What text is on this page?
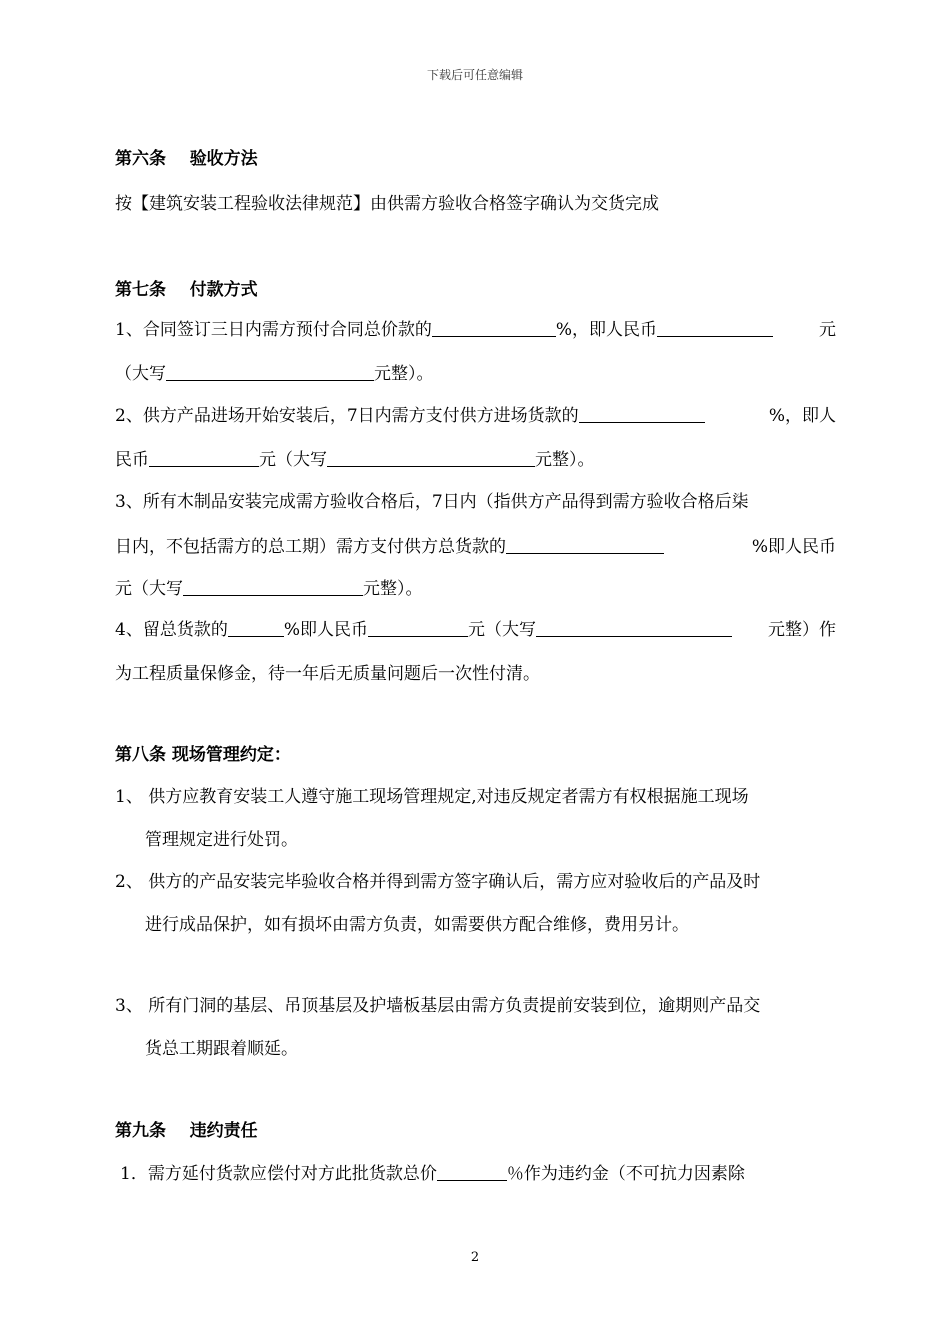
下载后可任意编辑
第六条 验收方法
按【建筑安装工程验收法律规范】由供需方验收合格签字确认为交货完成
第七条 付款方式
1、合同签订三日内需方预付合同总价款的	%，即人民币	元
（大写	元整）。
2、供方产品进场开始安装后，7日内需方支付供方进场货款的	%，即人
民币	元（大写	元整）。
3、所有木制品安装完成需方验收合格后，7日内（指供方产品得到需方验收合格后柒
日内，不包括需方的总工期）需方支付供方总货款的	%即人民币
元（大写	元整）。
4、留总货款的	%即人民币	元（大写	元整）作
为工程质量保修金，待一年后无质量问题后一次性付清。
第八条 现场管理约定：
1、 供方应教育安装工人遵守施工现场管理规定,对违反规定者需方有权根据施工现场
管理规定进行处罚。
2、 供方的产品安装完毕验收合格并得到需方签字确认后，需方应对验收后的产品及时
进行成品保护，如有损坏由需方负责，如需要供方配合维修，费用另计。
3、 所有门洞的基层、吊顶基层及护墙板基层由需方负责提前安装到位，逾期则产品交
货总工期跟着顺延。
第九条 违约责任
1．需方延付货款应偿付对方此批货款总价	％作为违约金（不可抗力因素除
2
